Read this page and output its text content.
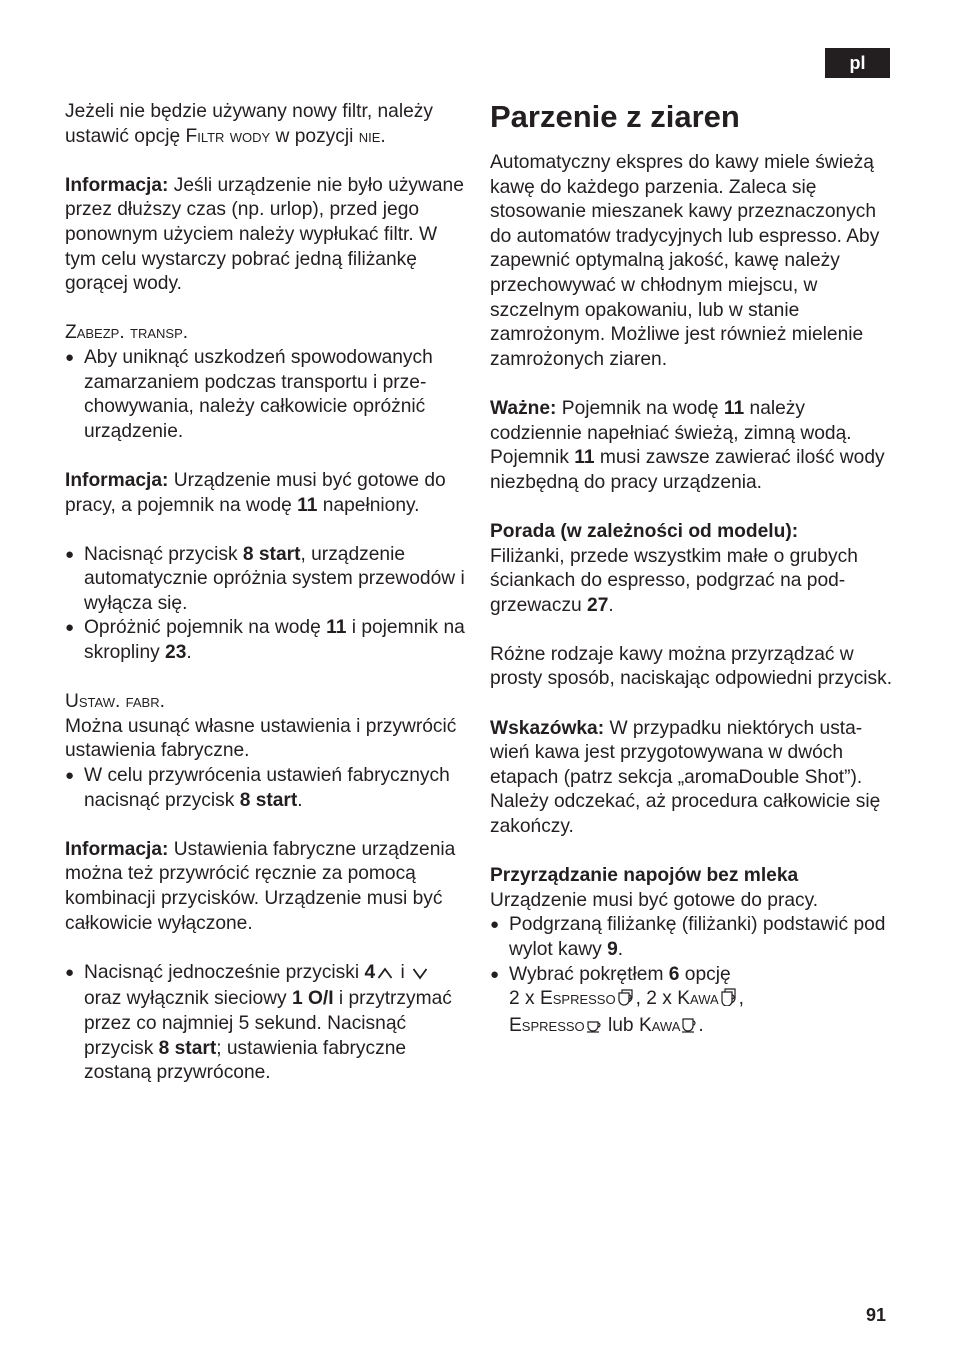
pl

Jeżeli nie będzie używany nowy filtr, należy ustawić opcję Filtr wody w pozycji nie.

Informacja: Jeśli urządzenie nie było używane przez dłuższy czas (np. urlop), przed jego ponownym użyciem należy wypłukać filtr. W tym celu wystarczy pobrać jedną filiżankę gorącej wody.

Zabezp. transp.

● Aby uniknąć uszkodzeń spowodowanych zamarzaniem podczas transportu i przechowywania, należy całkowicie opróżnić urządzenie.

Informacja: Urządzenie musi być gotowe do pracy, a pojemnik na wodę 11 napełniony.

● Nacisnąć przycisk 8 start, urządzenie automatycznie opróżnia system przewodów i wyłącza się.
● Opróżnić pojemnik na wodę 11 i pojemnik na skropliny 23.

Ustaw. fabr.

Można usunąć własne ustawienia i przywrócić ustawienia fabryczne.

● W celu przywrócenia ustawień fabrycznych nacisnąć przycisk 8 start.

Informacja: Ustawienia fabryczne urządzenia można też przywrócić ręcznie za pomocą kombinacji przycisków. Urządzenie musi być całkowicie wyłączone.

● Nacisnąć jednocześnie przyciski 4 i  oraz wyłącznik sieciowy 1 O/I i przytrzymać przez co najmniej 5 sekund. Nacisnąć przycisk 8 start; ustawienia fabryczne zostaną przywrócone.
Parzenie z ziaren

Automatyczny ekspres do kawy miele świeżą kawę do każdego parzenia. Zaleca się stosowanie mieszanek kawy przeznaczonych do automatów tradycyjnych lub espresso. Aby zapewnić optymalną jakość, kawę należy przechowywać w chłodnym miejscu, w szczelnym opakowaniu, lub w stanie zamrożonym. Możliwe jest również mielenie zamrożonych ziaren.

Ważne: Pojemnik na wodę 11 należy codziennie napełniać świeżą, zimną wodą. Pojemnik 11 musi zawsze zawierać ilość wody niezbędną do pracy urządzenia.

Porada (w zależności od modelu):

Filiżanki, przede wszystkim małe o grubych ściankach do espresso, podgrzać na podgrzewaczu 27.

Różne rodzaje kawy można przyrządzać w prosty sposób, naciskając odpowiedni przycisk.

Wskazówka: W przypadku niektórych ustawień kawa jest przygotowywana w dwóch etapach (patrz sekcja „aromaDouble Shot”). Należy odczekać, aż procedura całkowicie się zakończy.

Przyrządzanie napojów bez mleka

Urządzenie musi być gotowe do pracy.

● Podgrzaną filiżankę (filiżanki) podstawić pod wylot kawy 9.
● Wybrać pokrętłem 6 opcję
2 x Espresso , 2 x Kawa ,
Espresso lub Kawa .
91
